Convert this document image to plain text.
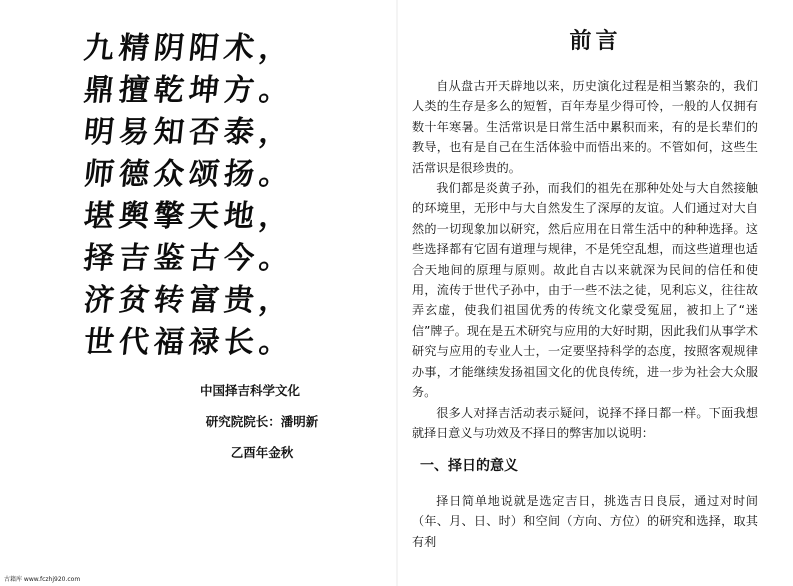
九精阴阳术，
鼎擅乾坤方。
明易知否泰，
师德众颂扬。
堪舆擎天地，
择吉鉴古今。
济贫转富贵，
世代福禄长。
中国择吉科学文化
研究院院长：潘明新
乙酉年金秋
前言

自从盘古开天辟地以来，历史演化过程是相当繁杂的，我们人类的生存是多么的短暂，百年寿星少得可怜，一般的人仅拥有数十年寒暑。生活常识是日常生活中累积而来，有的是长辈们的教导，也有是自己在生活体验中而悟出来的。不管如何，这些生活常识是很珍贵的。

我们都是炎黄子孙，而我们的祖先在那种处处与大自然接触的环境里，无形中与大自然发生了深厚的友谊。人们通过对大自然的一切现象加以研究，然后应用在日常生活中的种种选择。这些选择都有它固有道理与规律，不是凭空乱想，而这些道理也适合天地间的原理与原则。故此自古以来就深为民间的信任和使用，流传于世代子孙中，由于一些不法之徒，见利忘义，往往故弄玄虚，使我们祖国优秀的传统文化蒙受冤屈，被扣上了“迷信”牌子。现在是五术研究与应用的大好时期，因此我们从事学术研究与应用的专业人士，一定要坚持科学的态度，按照客观规律办事，才能继续发扬祖国文化的优良传统，进一步为社会大众服务。

很多人对择吉活动表示疑问，说择不择日都一样。下面我想就择日意义与功效及不择日的弊害加以说明：

一、择日的意义

择日简单地说就是选定吉日，挑选吉日良辰，通过对时间（年、月、日、时）和空间（方向、方位）的研究和选择，取其有利

古籍库 www.fczhj920.com
